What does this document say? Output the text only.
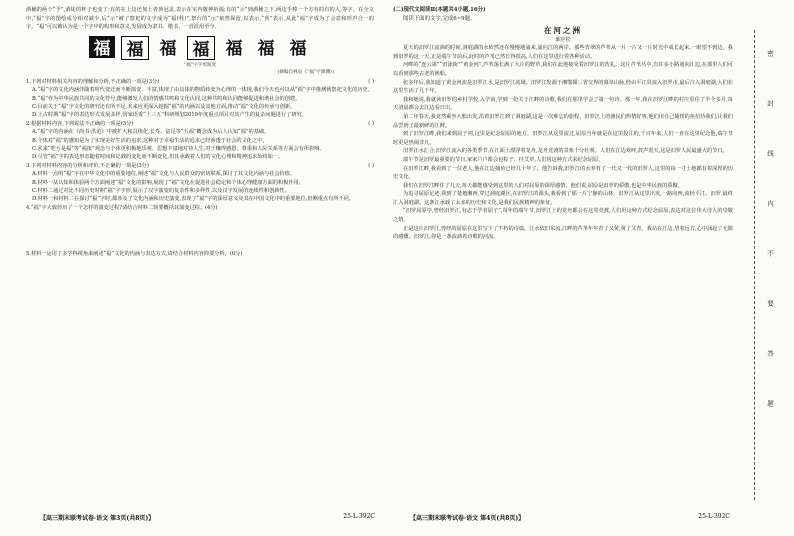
酒桶的两个“予”,酒徒的杯子也变了;有的在上边还加上者顶冠盖,表示在室内敬神祈福;有的“示”到酒桶之下,两边手捧一个方有的有的人,等字。在全文中,“福”字的图绘成分相对减少,后“示”被了祭祀的文字成为“福(秏)”,祭台的“示”依然保留,以表示,“喜”表示,从此“福”字成为了会意和形声合一的字。“福”可以被认为是一个字中的构形和意义,发展成为隶书、楷书、一直沿用至今。

福 福 福 福 福 福 福

“福”字字形演变

(摘编自林泉《“福”字源渊》)

1.下列对材料相关内容的理解和分析,不正确的一项是(3分)	( )

A.“福”字的文化内涵伴随着时代变迁而不断演变、丰富,体现了由具体的物质转变为心理的一体现,我们今天也可以从“福”字中推测到祭祀文化的历史。

B.“福”作为中华民族共同的文化符号,能够激发人们的情感共鸣和文化认同,这种共鸣和认同能够促进和谐社会的创建。

C.目前关于“福”字文化的研究还有所不足,未来应更深入挖掘“福”的内涵以及其他方面,推动“福”文化的传承与创新。

D.上古时期“福”字的表达形式发展多样,国家语委“十三五”科研规划2019年度重点项目对其产生的复杂问题进行了研究。

2.根据材料内容,下列说法不正确的一项是(3分)	( )

A.“福”字的内涵在《尚书·洪范》中被扩大和具体化,长寿、富足等“五福”概念成为后人认知“福”的基础。

B.个体对“福”的感知是为了实现美好生活的追求,这种对于幸福生活的追求已经渗透于社会的文化之中。

C.求来“吃亏是福”等“福报”观念与个体更积极地乐观、思想丰富地对待人生,对于赚得感恩、尊重和人际关系等方面会有所影响。

D.尽管“福”字的表达形态随着时间和记载的变化而不断变化,但其承载着人们的文化心理和精神追求始终如一。

3.下列对材料内容的分析和评价,不正确的一项是(3分)	( )

A.材料一点明“福”字在中华文化中的重要地位,阐述“福”文化与人民群众的密切联系,探讨了其文化内涵与社会价值。

B.材料一从认知和体验两个方面阐述“福”文化的影响,展现了“福”文化在促进社会稳定和个体心理健康方面的积极作用。

C.材料二通过对比不同历史时期“福”字字形,展示了汉字演变的复杂性和多样性,以及汉字发展的连续性和创新性。

D.材料一和材料二在探讨“福”字时,都涉及了文化内涵和历史演变,表现了“福”字的深厚意义及其在中国文化中的重要地位,但侧重点有所不同。

4.“福”字大致经历了一个怎样的演变过程?请结合材料二简要概括其演变过程。(4分)

5.材料一运用了多学科视角来阐述“福”文化的内涵与表达方式,请结合材料内容简要分析。(6分)

(二)现代文阅读Ⅱ(本题共4小题,16分)

阅读下面的文字,完成6~9题。

在河之洲

陈应松

夏天的汨罗江流淌的时候,洞庭湖的水依然还在慢慢地涌来,涌向江的两岸。那些青翠的芦苇从一片一片又一片时光中成长起来,一眼望不到边。我到汨罗的这一天,正是端午节前后,此时的芦苇已然长得很高,人们在这里进行着各种活动。

河畔的“连云第”“汨泳街”“黄金河”,芦苇荡长满了大片的野草,我们在此地接受着汨罗江的洗礼。这片芦苇丛中,有许多小路通向江边,在那里人们可以看到那些古老的渔船。

张多年后,我知道了黄金河流是汨罗江水,是汨罗江流域。汨罗江发源于湘鄂赣三省交界的幕阜山脉,经由平江县流入汨罗市,最后注入洞庭湖,人们在这里生活了几千年。

我和她说,我就读汨罗的乡村学校,入学前,学到一份关于江畔的诗歌,我们在那里学会了第一句诗。那一年,我在汨罗江畔的村庄里住了半个多月,每天清晨都会去江边看日出。

第二年春天,我竟然乘坐大船出发,沿着汨罗江到了洞庭湖,这是一次难忘的旅程。汨罗江上的渔民们热情好客,他们用自己捕捞的鱼招待我们,让我们品尝到了最新鲜的江鲜。

到了汨罗江畔,我们来到屈子祠,这里是纪念屈原的地方。汨罗江从这里流过,屈原当年就是在这里投江的,千百年来,人们一直在这里纪念他,端午节时更是热闹非凡。

汨罗江水汇合,汨罗江流入的各类季节,在江面上漂浮着龙舟,龙舟竞渡的景象十分壮观。人们在江边欢呼,鼓声震天,这是汨罗人民最盛大的节日。

端午节是汨罗最重要的节日,家家户户都会包粽子、挂艾草,人们用这种方式来纪念屈原。

在汨罗江畔,我看到了一位老人,他在江边捕鱼已经几十年了。他告诉我,汨罗江的水养育了一代又一代的汨罗人,这里的每一寸土地都有着深厚的历史文化。

我们在汨罗江畔住了几天,每天都能感受到这里的人们对屈原的深厚感情。他们说,屈原是汨罗的骄傲,也是中华民族的骄傲。

为追寻屈原足迹,我到了楚地湘西,穿过洞庭湖区,在汨罗江的源头,我看到了那一片宁静的山林。汨罗江从这里出发,一路向西,流经平江、汨罗,最终汇入洞庭湖。这条江承载了太多的历史和文化,是我们民族精神的象征。

“汨罗屈原亭,曾经汨罗江,有志于学者屈子”,每年的端午节,汨罗江上的龙舟都会在这里竞渡,人们用这种方式纪念屈原,表达对这位伟大诗人的崇敬之情。

正是这片汨罗江,曾经的屈原在这里写下了不朽的诗篇。江水依旧东流,江畔的芦苇年年青了又黄,黄了又青。我站在江边,望着远方,心中涌起了无限的感慨。汨罗江,你是一条流淌着诗歌的河流。

【高三期末联考试卷·语文 第3页(共8页)】	25-L-392C	【高三期末联考试卷·语文 第4页(共8页)】	25-L-392C
密
封
线
内
不
要
答
题
